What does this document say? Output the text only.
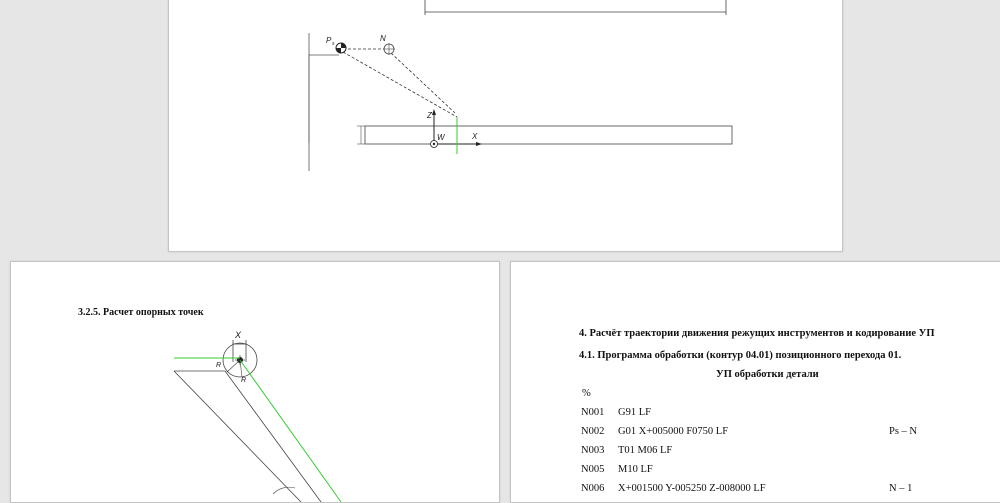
P s
N
Z
W	X
3.2.5. Расчет опорных точек
X
R
R
4. Расчёт траектории движения режущих инструментов и кодирование УП
4.1. Программа обработки (контур 04.01) позиционного перехода 01.
УП обработки детали
%
N001 G91 LF
N002 G01 X+005000 F0750 LF	Ps – N
N003 T01 M06 LF
N005 M10 LF
N006 X+001500 Y-005250 Z-008000 LF	N – 1
